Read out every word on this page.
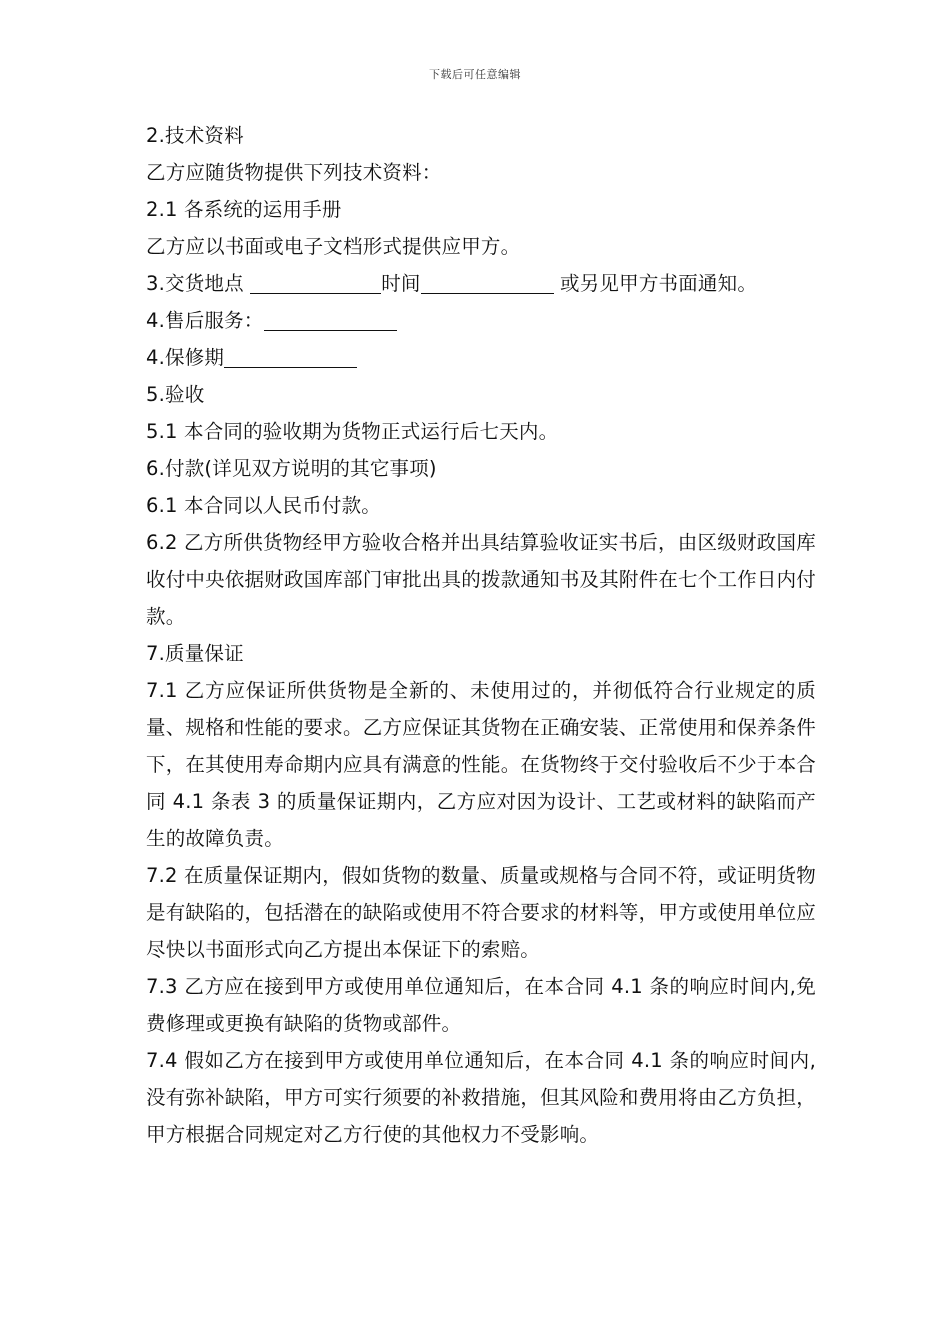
下载后可任意编辑

2.技术资料

乙方应随货物提供下列技术资料：

2.1 各系统的运用手册

乙方应以书面或电子文档形式提供应甲方。

3.交货地点	时间	或另见甲方书面通知。

4.售后服务：

4.保修期

5.验收

5.1 本合同的验收期为货物正式运行后七天内。

6.付款(详见双方说明的其它事项)

6.1 本合同以人民币付款。

6.2 乙方所供货物经甲方验收合格并出具结算验收证实书后，由区级财政国库收付中央依据财政国库部门审批出具的拨款通知书及其附件在七个工作日内付款。

7.质量保证

7.1 乙方应保证所供货物是全新的、未使用过的，并彻低符合行业规定的质量、规格和性能的要求。乙方应保证其货物在正确安装、正常使用和保养条件下，在其使用寿命期内应具有满意的性能。在货物终于交付验收后不少于本合同 4.1 条表 3 的质量保证期内，乙方应对因为设计、工艺或材料的缺陷而产生的故障负责。

7.2 在质量保证期内，假如货物的数量、质量或规格与合同不符，或证明货物是有缺陷的，包括潜在的缺陷或使用不符合要求的材料等，甲方或使用单位应尽快以书面形式向乙方提出本保证下的索赔。

7.3 乙方应在接到甲方或使用单位通知后，在本合同 4.1 条的响应时间内,免费修理或更换有缺陷的货物或部件。

7.4 假如乙方在接到甲方或使用单位通知后，在本合同 4.1 条的响应时间内,没有弥补缺陷，甲方可实行须要的补救措施，但其风险和费用将由乙方负担，甲方根据合同规定对乙方行使的其他权力不受影响。
